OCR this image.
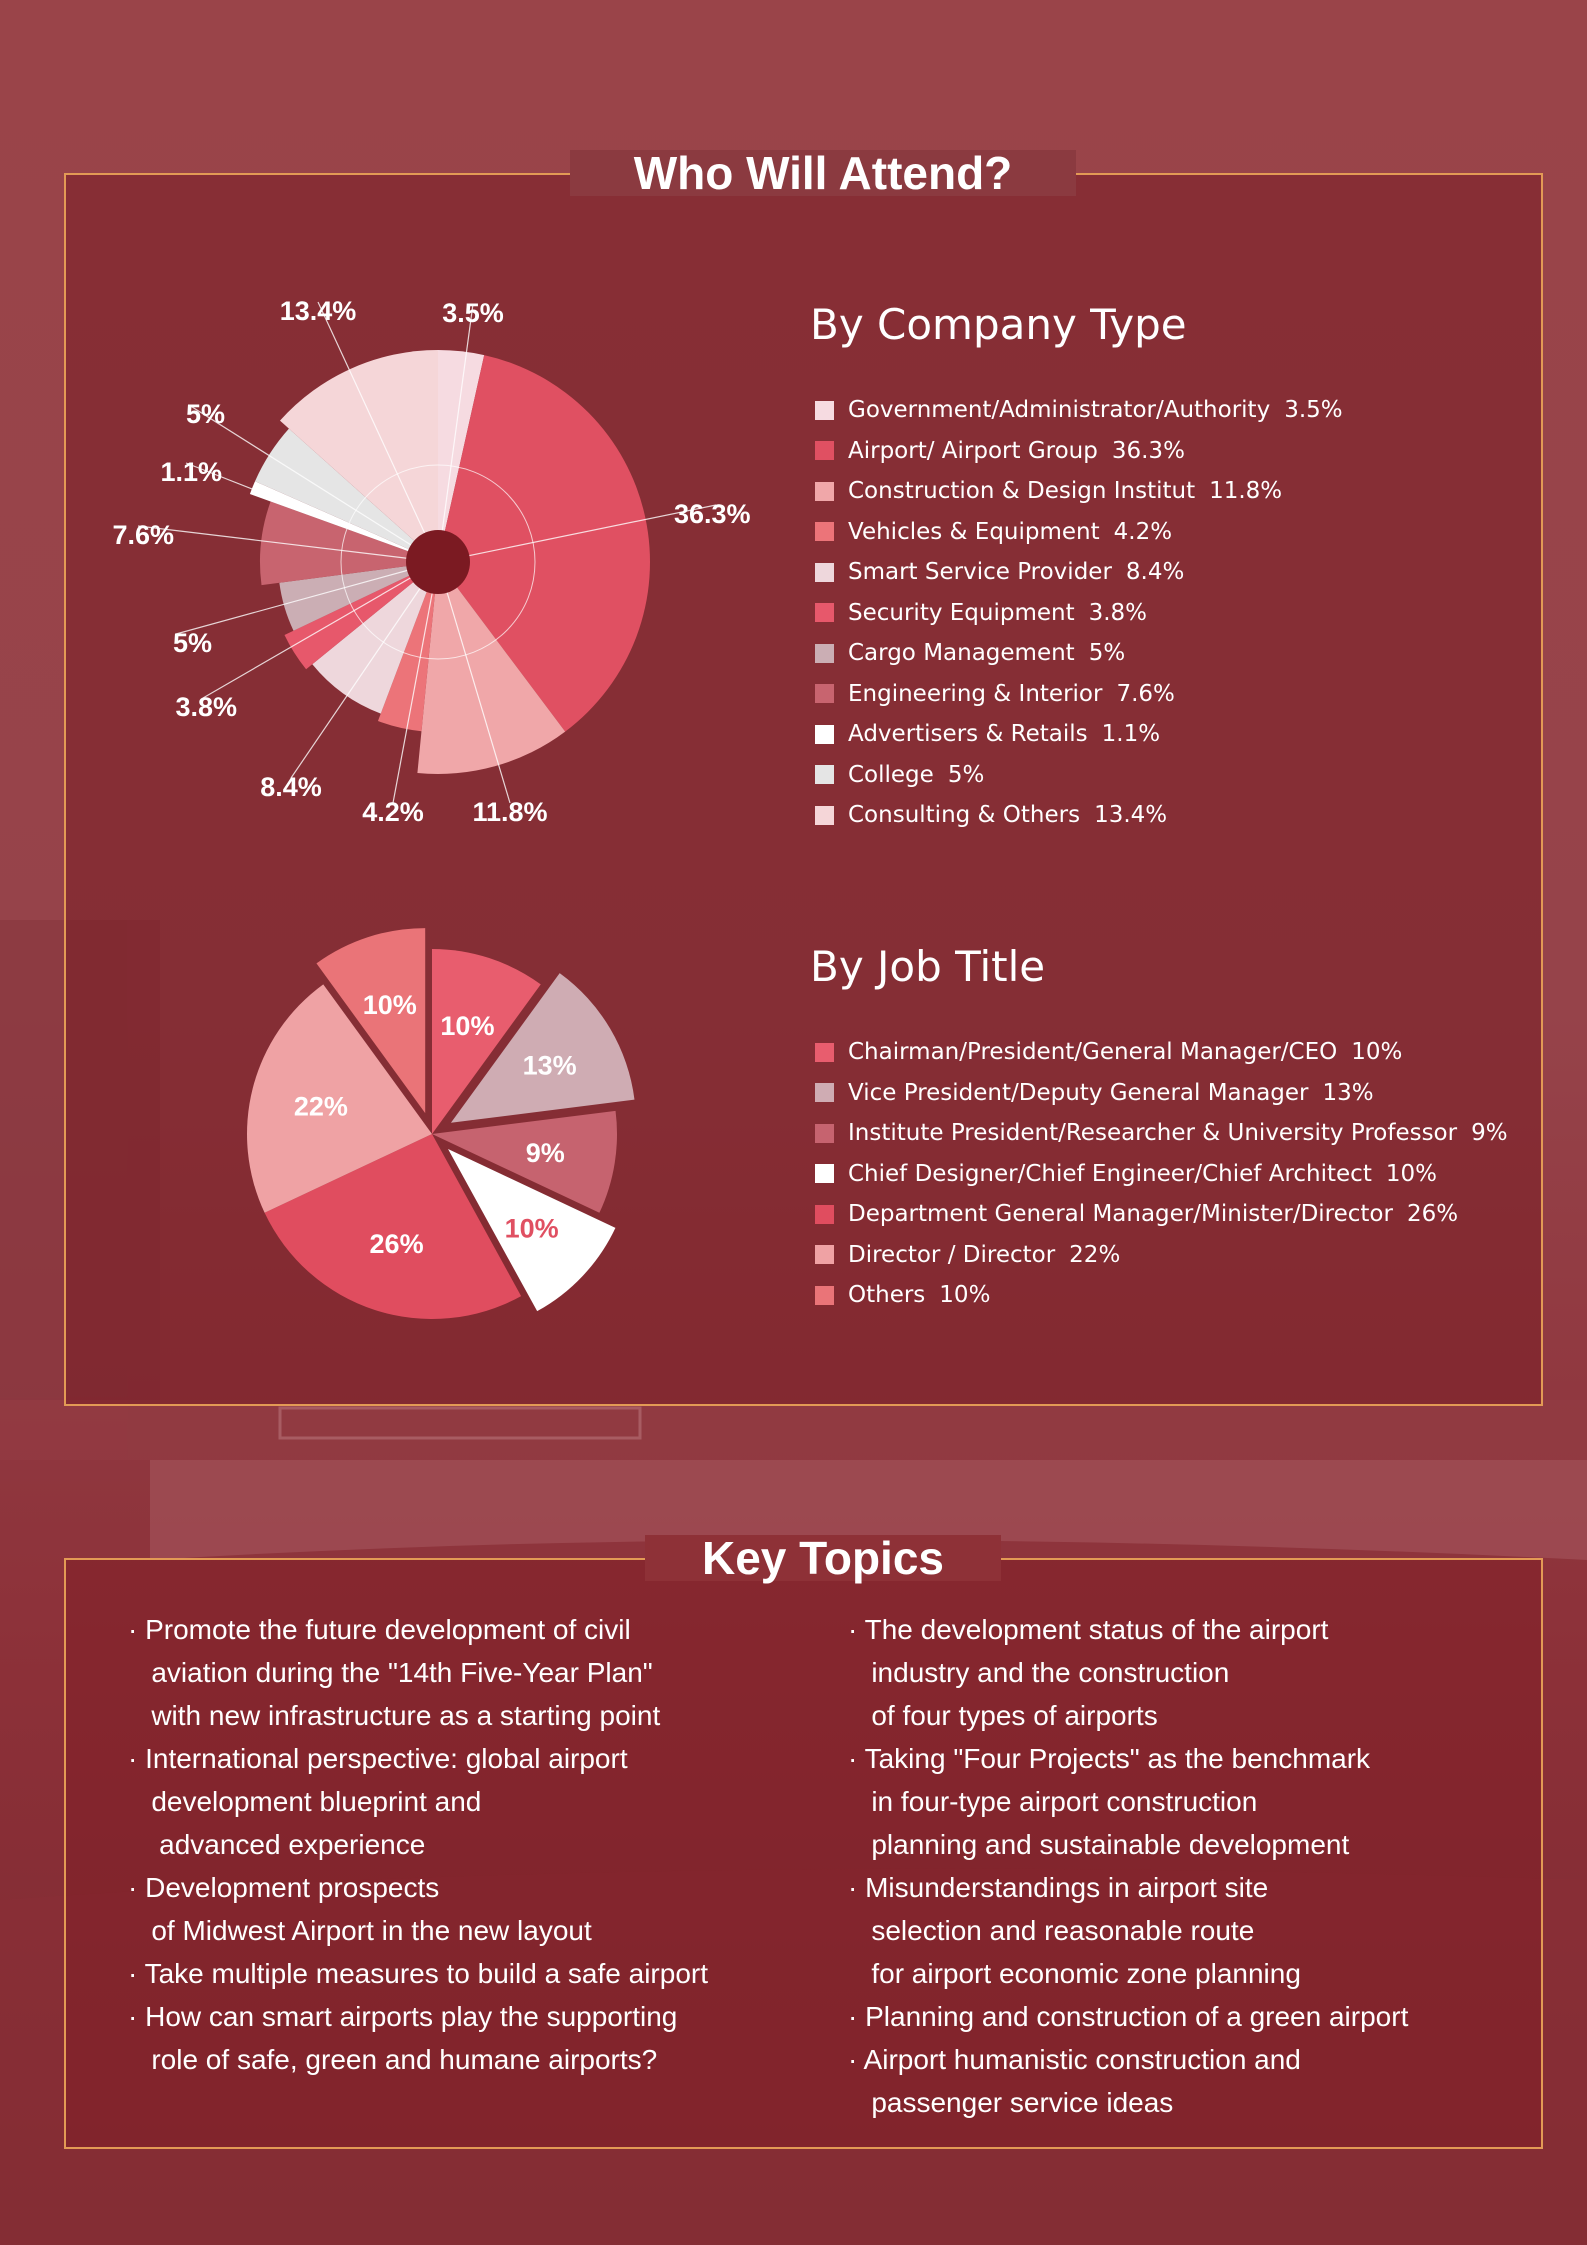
Who Will Attend?
By Company Type
Government/Administrator/Authority 3.5%
Airport/ Airport Group 36.3%
Construction & Design Institut 11.8%
Vehicles & Equipment 4.2%
Smart Service Provider 8.4%
Security Equipment 3.8%
Cargo Management 5%
Engineering & Interior 7.6%
Advertisers & Retails 1.1%
College 5%
Consulting & Others 13.4%
By Job Title
Chairman/President/General Manager/CEO 10%
Vice President/Deputy General Manager 13%
Institute President/Researcher & University Professor 9%
Chief Designer/Chief Engineer/Chief Architect 10%
Department General Manager/Minister/Director 26%
Director / Director 22%
Others 10%
3.5%
36.3%
11.8%
4.2%
8.4%
3.8%
5%
7.6%
1.1%
5%
13.4%
10%
13%
9%
10%
26%
22%
10%
Key Topics
· Promote the future development of civil
aviation during the "14th Five-Year Plan"
with new infrastructure as a starting point
· International perspective: global airport
development blueprint and
advanced experience
· Development prospects
of Midwest Airport in the new layout
· Take multiple measures to build a safe airport
· How can smart airports play the supporting
role of safe, green and humane airports?
· The development status of the airport
industry and the construction
of four types of airports
· Taking "Four Projects" as the benchmark
in four-type airport construction
planning and sustainable development
· Misunderstandings in airport site
selection and reasonable route
for airport economic zone planning
· Planning and construction of a green airport
· Airport humanistic construction and
passenger service ideas
